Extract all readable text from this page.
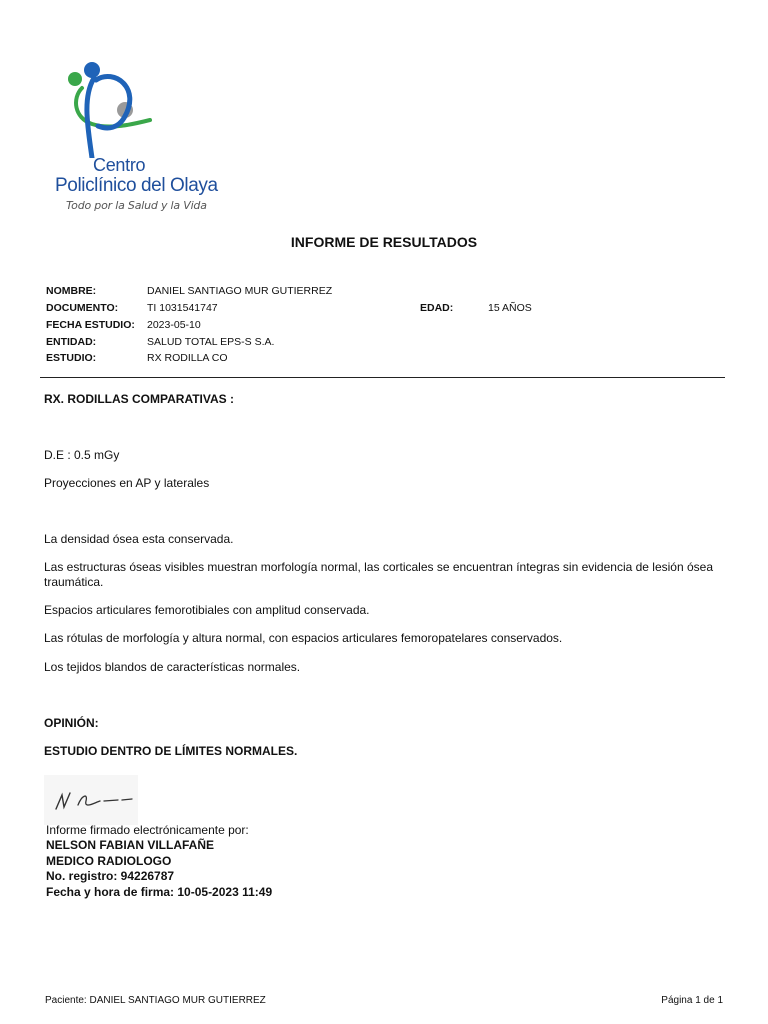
Centro
Policlínico del Olaya
Todo por la Salud y la Vida
INFORME DE RESULTADOS
NOMBRE:	DANIEL SANTIAGO MUR GUTIERREZ
DOCUMENTO:	TI 1031541747	EDAD:	15 AÑOS
FECHA ESTUDIO: 2023-05-10
ENTIDAD:	SALUD TOTAL EPS-S S.A.
ESTUDIO:	RX RODILLA CO
RX. RODILLAS COMPARATIVAS :
D.E : 0.5 mGy
Proyecciones en AP y laterales
La densidad ósea esta conservada.
Las estructuras óseas visibles muestran morfología normal, las corticales se encuentran íntegras sin evidencia de lesión ósea traumática.
Espacios articulares femorotibiales con amplitud conservada.
Las rótulas de morfología y altura normal, con espacios articulares femoropatelares conservados.
Los tejidos blandos de características normales.
OPINIÓN:
ESTUDIO DENTRO DE LÍMITES NORMALES.
Informe firmado electrónicamente por:
NELSON FABIAN VILLAFAÑE
MEDICO RADIOLOGO
No. registro: 94226787
Fecha y hora de firma: 10-05-2023 11:49
Paciente: DANIEL SANTIAGO MUR GUTIERREZ	Página 1 de 1
